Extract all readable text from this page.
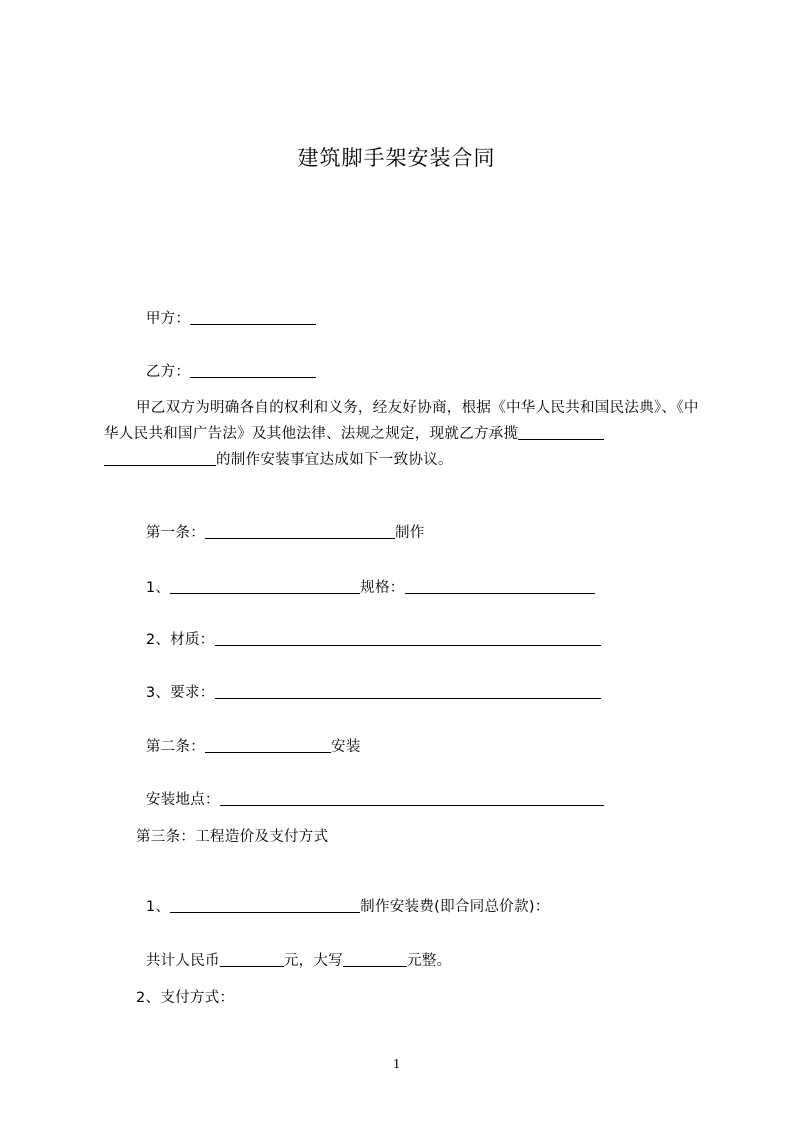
建筑脚手架安装合同

甲方：

乙方：

甲乙双方为明确各自的权利和义务，经友好协商，根据《中华人民共和国民法典》、《中华人民共和国广告法》及其他法律、法规之规定，现就乙方承揽的制作安装事宜达成如下一致协议。

第一条：	制作

1、	规格：

2、材质：

3、要求：

第二条：	安装

安装地点：

第三条：工程造价及支付方式

1、	制作安装费(即合同总价款)：

共计人民币	元，大写	元整。

2、支付方式：
1
